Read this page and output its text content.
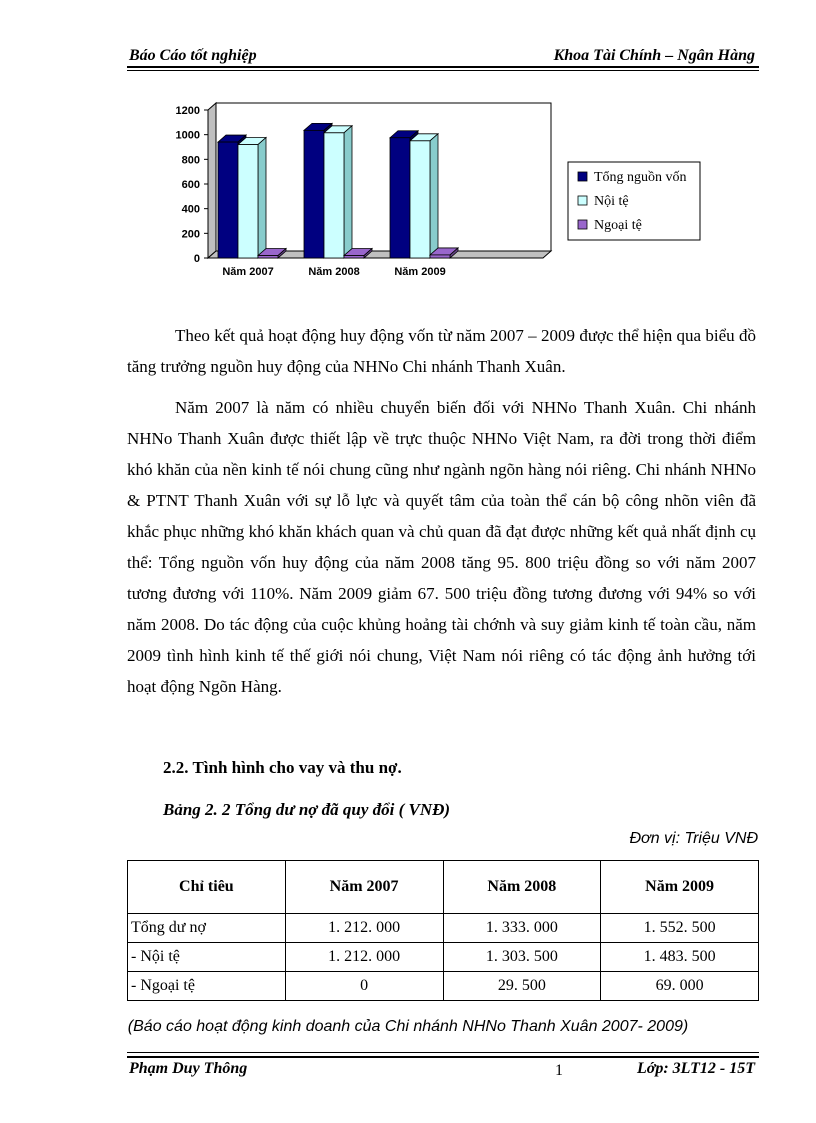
Báo Cáo tốt nghiệp	Khoa Tài Chính – Ngân Hàng
0
200
400
600
800
1000
1200
Năm 2007	Năm 2008	Năm 2009
Tổng nguồn vốn
Nội tệ
Ngoại tệ
Theo kết quả hoạt động huy động vốn từ năm 2007 – 2009 được thể hiện qua biểu đồ tăng trưởng nguồn huy động của NHNo Chi nhánh Thanh Xuân.
Năm 2007 là năm có nhiều chuyển biến đối với NHNo Thanh Xuân. Chi nhánh NHNo Thanh Xuân được thiết lập về trực thuộc NHNo Việt Nam, ra đời trong thời điểm khó khăn của nền kinh tế nói chung cũng như ngành ngõn hàng nói riêng. Chi nhánh NHNo & PTNT Thanh Xuân với sự lỗ lực và quyết tâm của toàn thể cán bộ công nhõn viên đã khắc phục những khó khăn khách quan và chủ quan đã đạt được những kết quả nhất định cụ thể: Tổng nguồn vốn huy động của năm 2008 tăng 95. 800 triệu đồng so với năm 2007 tương đương với 110%. Năm 2009 giảm 67. 500 triệu đồng tương đương với 94% so với năm 2008. Do tác động của cuộc khủng hoảng tài chớnh và suy giảm kinh tế toàn cầu, năm 2009 tình hình kinh tế thế giới nói chung, Việt Nam nói riêng có tác động ảnh hưởng tới hoạt động Ngõn Hàng.
2.2. Tình hình cho vay và thu nợ.
Bảng 2. 2 Tổng dư nợ đã quy đổi ( VNĐ)
Đơn vị: Triệu VNĐ
Chỉ tiêu	Năm 2007	Năm 2008	Năm 2009
Tổng dư nợ	1. 212. 000	1. 333. 000	1. 552. 500
- Nội tệ	1. 212. 000	1. 303. 500	1. 483. 500
- Ngoại tệ	0	29. 500	69. 000
(Báo cáo hoạt động kinh doanh của Chi nhánh NHNo Thanh Xuân 2007- 2009)
Phạm Duy Thông	1	Lớp: 3LT12 - 15T
